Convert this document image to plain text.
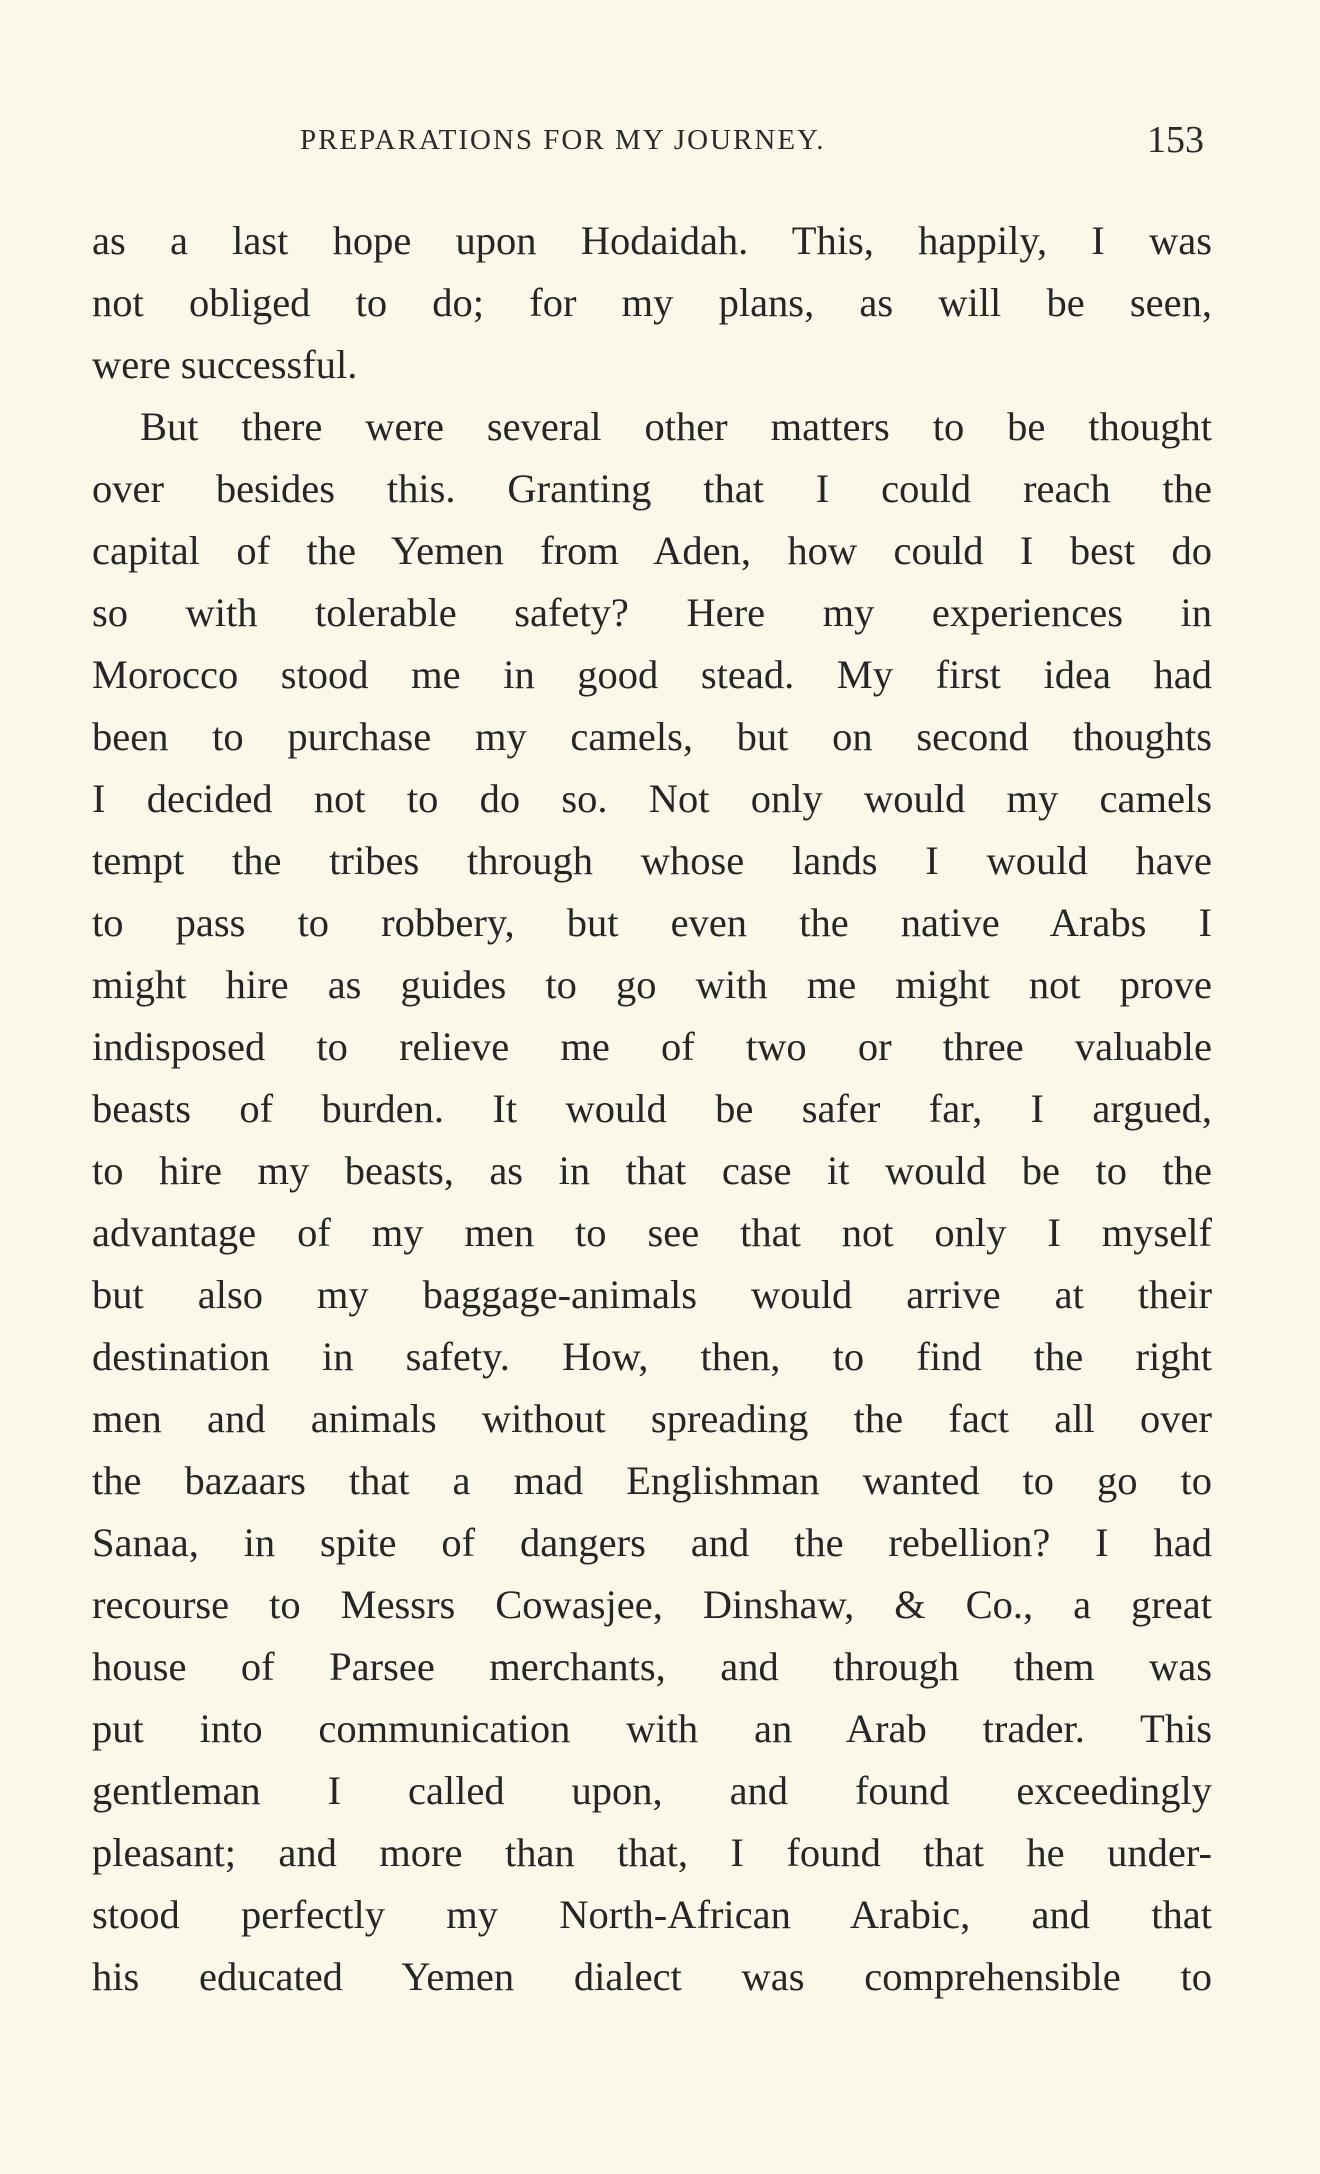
PREPARATIONS FOR MY JOURNEY.	153
as a last hope upon Hodaidah. This, happily, I was
not obliged to do; for my plans, as will be seen,
were successful.
But there were several other matters to be thought
over besides this. Granting that I could reach the
capital of the Yemen from Aden, how could I best do
so with tolerable safety? Here my experiences in
Morocco stood me in good stead. My first idea had
been to purchase my camels, but on second thoughts
I decided not to do so. Not only would my camels
tempt the tribes through whose lands I would have
to pass to robbery, but even the native Arabs I
might hire as guides to go with me might not prove
indisposed to relieve me of two or three valuable
beasts of burden. It would be safer far, I argued,
to hire my beasts, as in that case it would be to the
advantage of my men to see that not only I myself
but also my baggage-animals would arrive at their
destination in safety. How, then, to find the right
men and animals without spreading the fact all over
the bazaars that a mad Englishman wanted to go to
Sanaa, in spite of dangers and the rebellion? I had
recourse to Messrs Cowasjee, Dinshaw, & Co., a great
house of Parsee merchants, and through them was
put into communication with an Arab trader. This
gentleman I called upon, and found exceedingly
pleasant; and more than that, I found that he under-
stood perfectly my North-African Arabic, and that
his educated Yemen dialect was comprehensible to
